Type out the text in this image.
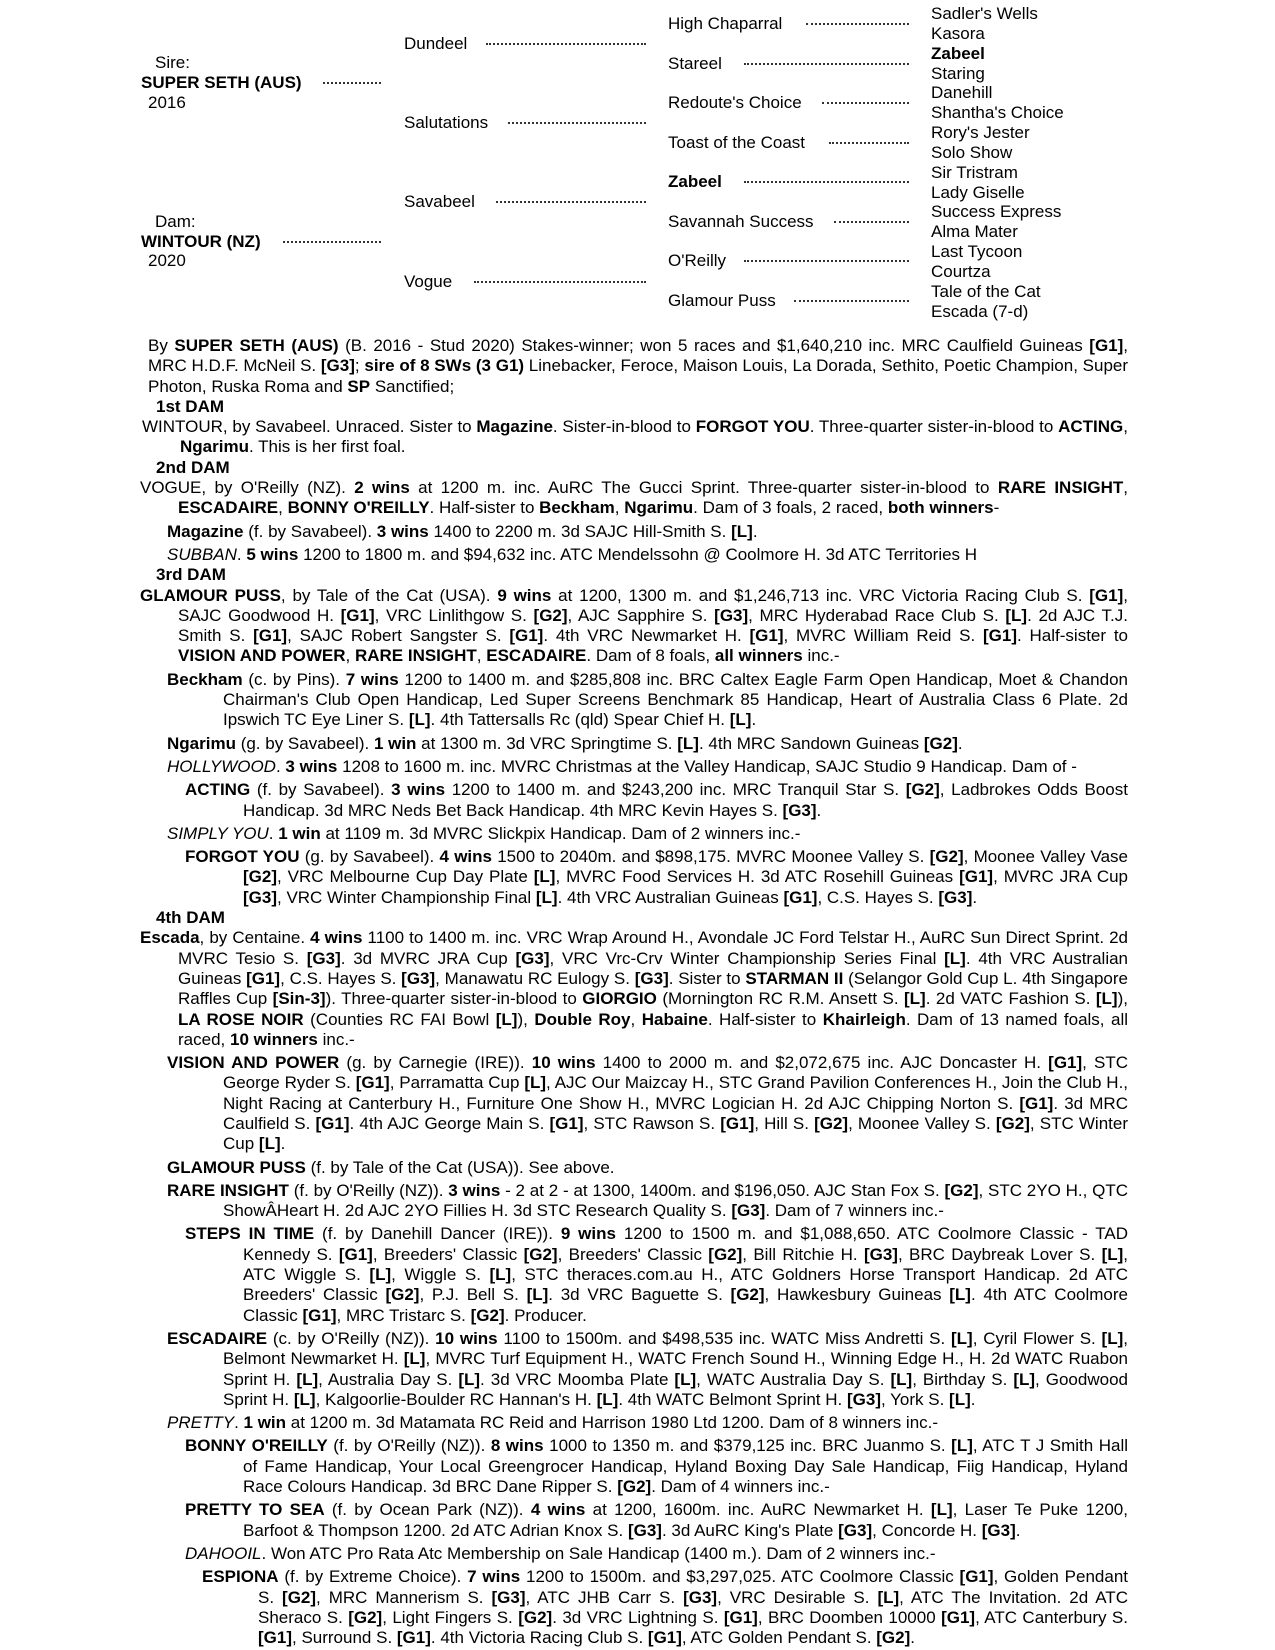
Sire:
SUPER SETH (AUS)
2016
Dam:
WINTOUR (NZ)
2020
Dundeel
Salutations
Savabeel
Vogue
High Chaparral
Stareel
Redoute's Choice
Toast of the Coast
Zabeel
Savannah Success
O'Reilly
Glamour Puss
Sadler's Wells
Kasora
Zabeel
Staring
Danehill
Shantha's Choice
Rory's Jester
Solo Show
Sir Tristram
Lady Giselle
Success Express
Alma Mater
Last Tycoon
Courtza
Tale of the Cat
Escada (7-d)

By SUPER SETH (AUS) (B. 2016 - Stud 2020) Stakes-winner; won 5 races and $1,640,210 inc. MRC Caulfield Guineas [G1], MRC H.D.F. McNeil S. [G3]; sire of 8 SWs (3 G1) Linebacker, Feroce, Maison Louis, La Dorada, Sethito, Poetic Champion, Super Photon, Ruska Roma and SP Sanctified;

1st DAM

WINTOUR, by Savabeel. Unraced. Sister to Magazine. Sister-in-blood to FORGOT YOU. Three-quarter sister-in-blood to ACTING, Ngarimu. This is her first foal.

2nd DAM

VOGUE, by O'Reilly (NZ). 2 wins at 1200 m. inc. AuRC The Gucci Sprint. Three-quarter sister-in-blood to RARE INSIGHT, ESCADAIRE, BONNY O'REILLY. Half-sister to Beckham, Ngarimu. Dam of 3 foals, 2 raced, both winners-

Magazine (f. by Savabeel). 3 wins 1400 to 2200 m. 3d SAJC Hill-Smith S. [L].

SUBBAN. 5 wins 1200 to 1800 m. and $94,632 inc. ATC Mendelssohn @ Coolmore H. 3d ATC Territories H

3rd DAM

GLAMOUR PUSS, by Tale of the Cat (USA). 9 wins at 1200, 1300 m. and $1,246,713 inc. VRC Victoria Racing Club S. [G1], SAJC Goodwood H. [G1], VRC Linlithgow S. [G2], AJC Sapphire S. [G3], MRC Hyderabad Race Club S. [L]. 2d AJC T.J. Smith S. [G1], SAJC Robert Sangster S. [G1]. 4th VRC Newmarket H. [G1], MVRC William Reid S. [G1]. Half-sister to VISION AND POWER, RARE INSIGHT, ESCADAIRE. Dam of 8 foals, all winners inc.-

Beckham (c. by Pins). 7 wins 1200 to 1400 m. and $285,808 inc. BRC Caltex Eagle Farm Open Handicap, Moet & Chandon Chairman's Club Open Handicap, Led Super Screens Benchmark 85 Handicap, Heart of Australia Class 6 Plate. 2d Ipswich TC Eye Liner S. [L]. 4th Tattersalls Rc (qld) Spear Chief H. [L].

Ngarimu (g. by Savabeel). 1 win at 1300 m. 3d VRC Springtime S. [L]. 4th MRC Sandown Guineas [G2].

HOLLYWOOD. 3 wins 1208 to 1600 m. inc. MVRC Christmas at the Valley Handicap, SAJC Studio 9 Handicap. Dam of -

ACTING (f. by Savabeel). 3 wins 1200 to 1400 m. and $243,200 inc. MRC Tranquil Star S. [G2], Ladbrokes Odds Boost Handicap. 3d MRC Neds Bet Back Handicap. 4th MRC Kevin Hayes S. [G3].

SIMPLY YOU. 1 win at 1109 m. 3d MVRC Slickpix Handicap. Dam of 2 winners inc.-

FORGOT YOU (g. by Savabeel). 4 wins 1500 to 2040m. and $898,175. MVRC Moonee Valley S. [G2], Moonee Valley Vase [G2], VRC Melbourne Cup Day Plate [L], MVRC Food Services H. 3d ATC Rosehill Guineas [G1], MVRC JRA Cup [G3], VRC Winter Championship Final [L]. 4th VRC Australian Guineas [G1], C.S. Hayes S. [G3].

4th DAM

Escada, by Centaine. 4 wins 1100 to 1400 m. inc. VRC Wrap Around H., Avondale JC Ford Telstar H., AuRC Sun Direct Sprint. 2d MVRC Tesio S. [G3]. 3d MVRC JRA Cup [G3], VRC Vrc-Crv Winter Championship Series Final [L]. 4th VRC Australian Guineas [G1], C.S. Hayes S. [G3], Manawatu RC Eulogy S. [G3]. Sister to STARMAN II (Selangor Gold Cup L. 4th Singapore Raffles Cup [Sin-3]). Three-quarter sister-in-blood to GIORGIO (Mornington RC R.M. Ansett S. [L]. 2d VATC Fashion S. [L]), LA ROSE NOIR (Counties RC FAI Bowl [L]), Double Roy, Habaine. Half-sister to Khairleigh. Dam of 13 named foals, all raced, 10 winners inc.-

VISION AND POWER (g. by Carnegie (IRE)). 10 wins 1400 to 2000 m. and $2,072,675 inc. AJC Doncaster H. [G1], STC George Ryder S. [G1], Parramatta Cup [L], AJC Our Maizcay H., STC Grand Pavilion Conferences H., Join the Club H., Night Racing at Canterbury H., Furniture One Show H., MVRC Logician H. 2d AJC Chipping Norton S. [G1]. 3d MRC Caulfield S. [G1]. 4th AJC George Main S. [G1], STC Rawson S. [G1], Hill S. [G2], Moonee Valley S. [G2], STC Winter Cup [L].

GLAMOUR PUSS (f. by Tale of the Cat (USA)). See above.

RARE INSIGHT (f. by O'Reilly (NZ)). 3 wins - 2 at 2 - at 1300, 1400m. and $196,050. AJC Stan Fox S. [G2], STC 2YO H., QTC ShowÂHeart H. 2d AJC 2YO Fillies H. 3d STC Research Quality S. [G3]. Dam of 7 winners inc.-

STEPS IN TIME (f. by Danehill Dancer (IRE)). 9 wins 1200 to 1500 m. and $1,088,650. ATC Coolmore Classic - TAD Kennedy S. [G1], Breeders' Classic [G2], Breeders' Classic [G2], Bill Ritchie H. [G3], BRC Daybreak Lover S. [L], ATC Wiggle S. [L], Wiggle S. [L], STC theraces.com.au H., ATC Goldners Horse Transport Handicap. 2d ATC Breeders' Classic [G2], P.J. Bell S. [L]. 3d VRC Baguette S. [G2], Hawkesbury Guineas [L]. 4th ATC Coolmore Classic [G1], MRC Tristarc S. [G2]. Producer.

ESCADAIRE (c. by O'Reilly (NZ)). 10 wins 1100 to 1500m. and $498,535 inc. WATC Miss Andretti S. [L], Cyril Flower S. [L], Belmont Newmarket H. [L], MVRC Turf Equipment H., WATC French Sound H., Winning Edge H., H. 2d WATC Ruabon Sprint H. [L], Australia Day S. [L]. 3d VRC Moomba Plate [L], WATC Australia Day S. [L], Birthday S. [L], Goodwood Sprint H. [L], Kalgoorlie-Boulder RC Hannan's H. [L]. 4th WATC Belmont Sprint H. [G3], York S. [L].

PRETTY. 1 win at 1200 m. 3d Matamata RC Reid and Harrison 1980 Ltd 1200. Dam of 8 winners inc.-

BONNY O'REILLY (f. by O'Reilly (NZ)). 8 wins 1000 to 1350 m. and $379,125 inc. BRC Juanmo S. [L], ATC T J Smith Hall of Fame Handicap, Your Local Greengrocer Handicap, Hyland Boxing Day Sale Handicap, Fiig Handicap, Hyland Race Colours Handicap. 3d BRC Dane Ripper S. [G2]. Dam of 4 winners inc.-

PRETTY TO SEA (f. by Ocean Park (NZ)). 4 wins at 1200, 1600m. inc. AuRC Newmarket H. [L], Laser Te Puke 1200, Barfoot & Thompson 1200. 2d ATC Adrian Knox S. [G3]. 3d AuRC King's Plate [G3], Concorde H. [G3].

DAHOOIL. Won ATC Pro Rata Atc Membership on Sale Handicap (1400 m.). Dam of 2 winners inc.-

ESPIONA (f. by Extreme Choice). 7 wins 1200 to 1500m. and $3,297,025. ATC Coolmore Classic [G1], Golden Pendant S. [G2], MRC Mannerism S. [G3], ATC JHB Carr S. [G3], VRC Desirable S. [L], ATC The Invitation. 2d ATC Sheraco S. [G2], Light Fingers S. [G2]. 3d VRC Lightning S. [G1], BRC Doomben 10000 [G1], ATC Canterbury S. [G1], Surround S. [G1]. 4th Victoria Racing Club S. [G1], ATC Golden Pendant S. [G2].
